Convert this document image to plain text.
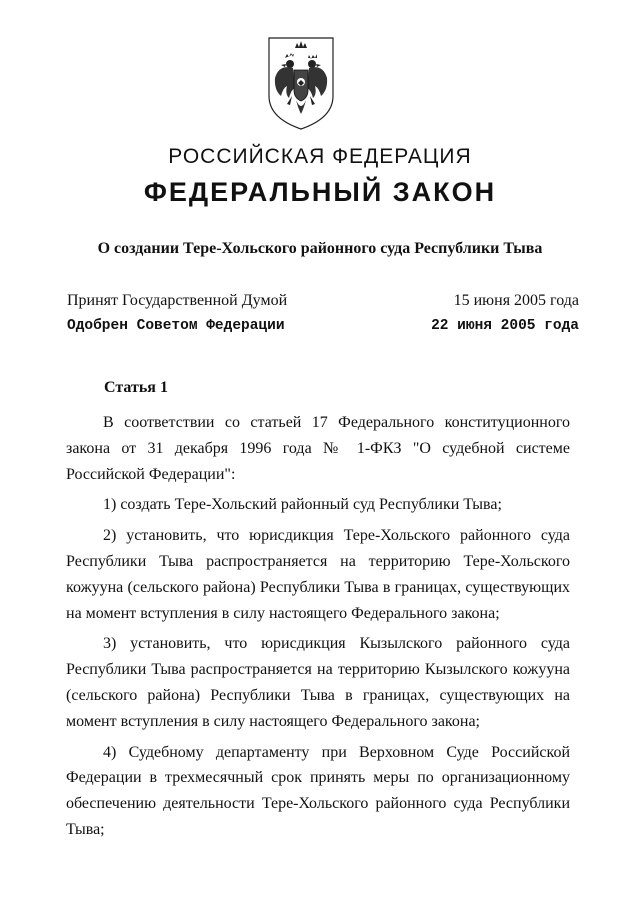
РОССИЙСКАЯ ФЕДЕРАЦИЯ
ФЕДЕРАЛЬНЫЙ ЗАКОН
О создании Тере-Хольского районного суда Республики Тыва
Принят Государственной Думой	15 июня 2005 года
Одобрен Советом Федерации	22 июня 2005 года
Статья 1

В соответствии со статьей 17 Федерального конституционного закона от 31 декабря 1996 года № 1-ФКЗ "О судебной системе Российской Федерации":

1) создать Тере-Хольский районный суд Республики Тыва;

2) установить, что юрисдикция Тере-Хольского районного суда Республики Тыва распространяется на территорию Тере-Хольского кожууна (сельского района) Республики Тыва в границах, существующих на момент вступления в силу настоящего Федерального закона;

3) установить, что юрисдикция Кызылского районного суда Республики Тыва распространяется на территорию Кызылского кожууна (сельского района) Республики Тыва в границах, существующих на момент вступления в силу настоящего Федерального закона;

4) Судебному департаменту при Верховном Суде Российской Федерации в трехмесячный срок принять меры по организационному обеспечению деятельности Тере-Хольского районного суда Республики Тыва;
